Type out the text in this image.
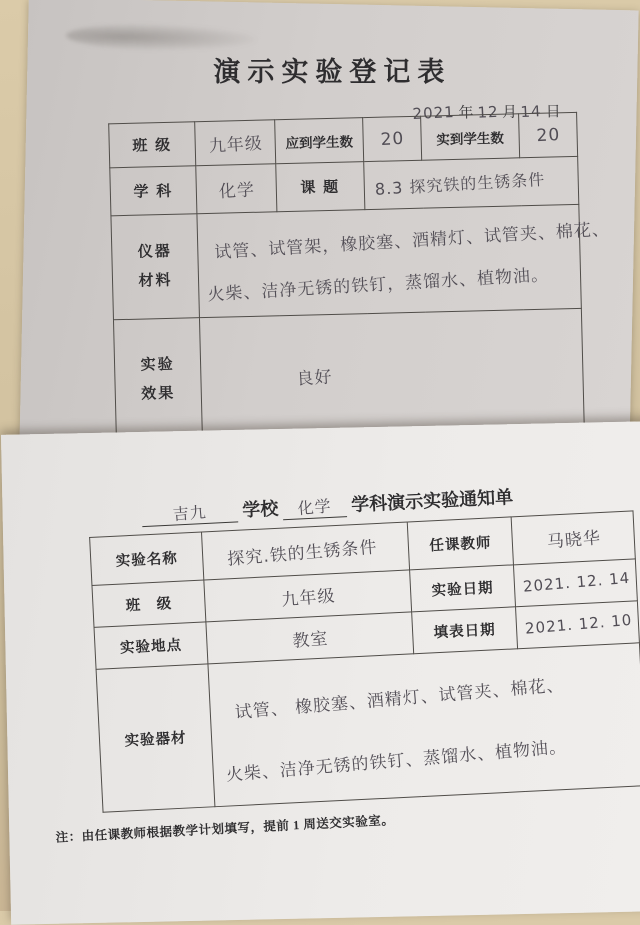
演示实验登记表
2021 年 12 月 14 日
班 级	九年级	应到学生数	20	实到学生数	20
学 科	化学	课 题	8.3 探究铁的生锈条件		

仪器
材料	试管、试管架，橡胶塞、酒精灯、试管夹、棉花、
火柴、洁净无锈的铁钉，蒸馏水、植物油。				

实验
效果	良好				
吉九 学校 化学 学科演示实验通知单
实验名称	探究.铁的生锈条件	任课教师	马晓华
班　级	九年级	实验日期	2021. 12. 14
实验地点	教室	填表日期	2021. 12. 10
实验器材	试管、 橡胶塞、酒精灯、试管夹、棉花、
火柴、洁净无锈的铁钉、蒸馏水、植物油。		
注：由任课教师根据教学计划填写，提前 1 周送交实验室。
